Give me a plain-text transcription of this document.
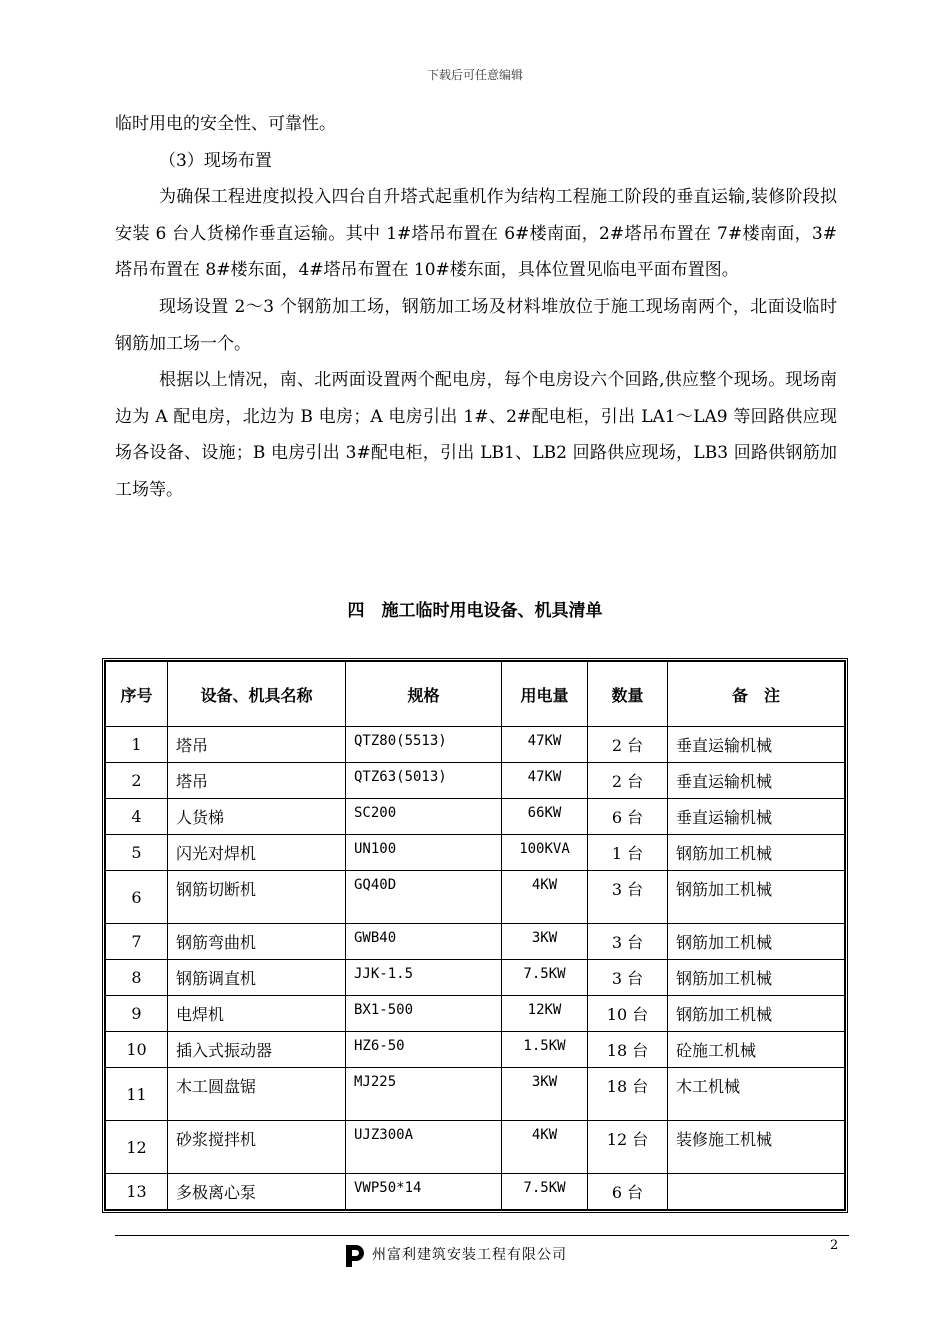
下载后可任意编辑

临时用电的安全性、可靠性。

（3）现场布置

为确保工程进度拟投入四台自升塔式起重机作为结构工程施工阶段的垂直运输,装修阶段拟安装 6 台人货梯作垂直运输。其中 1#塔吊布置在 6#楼南面，2#塔吊布置在 7#楼南面，3#塔吊布置在 8#楼东面，4#塔吊布置在 10#楼东面，具体位置见临电平面布置图。

现场设置 2～3 个钢筋加工场，钢筋加工场及材料堆放位于施工现场南两个，北面设临时钢筋加工场一个。

根据以上情况，南、北两面设置两个配电房，每个电房设六个回路,供应整个现场。现场南边为 A 配电房，北边为 B 电房；A 电房引出 1#、2#配电柜，引出 LA1～LA9 等回路供应现场各设备、设施；B 电房引出 3#配电柜，引出 LB1、LB2 回路供应现场，LB3 回路供钢筋加工场等。

四　施工临时用电设备、机具清单
序号	设备、机具名称	规格	用电量	数量	备　注
1	塔吊	QTZ80(5513)	47KW	2 台	垂直运输机械
2	塔吊	QTZ63(5013)	47KW	2 台	垂直运输机械
4	人货梯	SC200	66KW	6 台	垂直运输机械
5	闪光对焊机	UN100	100KVA	1 台	钢筋加工机械
6	钢筋切断机	GQ40D	4KW	3 台	钢筋加工机械
7	钢筋弯曲机	GWB40	3KW	3 台	钢筋加工机械
8	钢筋调直机	JJK-1.5	7.5KW	3 台	钢筋加工机械
9	电焊机	BX1-500	12KW	10 台	钢筋加工机械
10	插入式振动器	HZ6-50	1.5KW	18 台	砼施工机械
11	木工圆盘锯	MJ225	3KW	18 台	木工机械
12	砂浆搅拌机	UJZ300A	4KW	12 台	装修施工机械
13	多极离心泵	VWP50*14	7.5KW	6 台	
州富利建筑安装工程有限公司
2
